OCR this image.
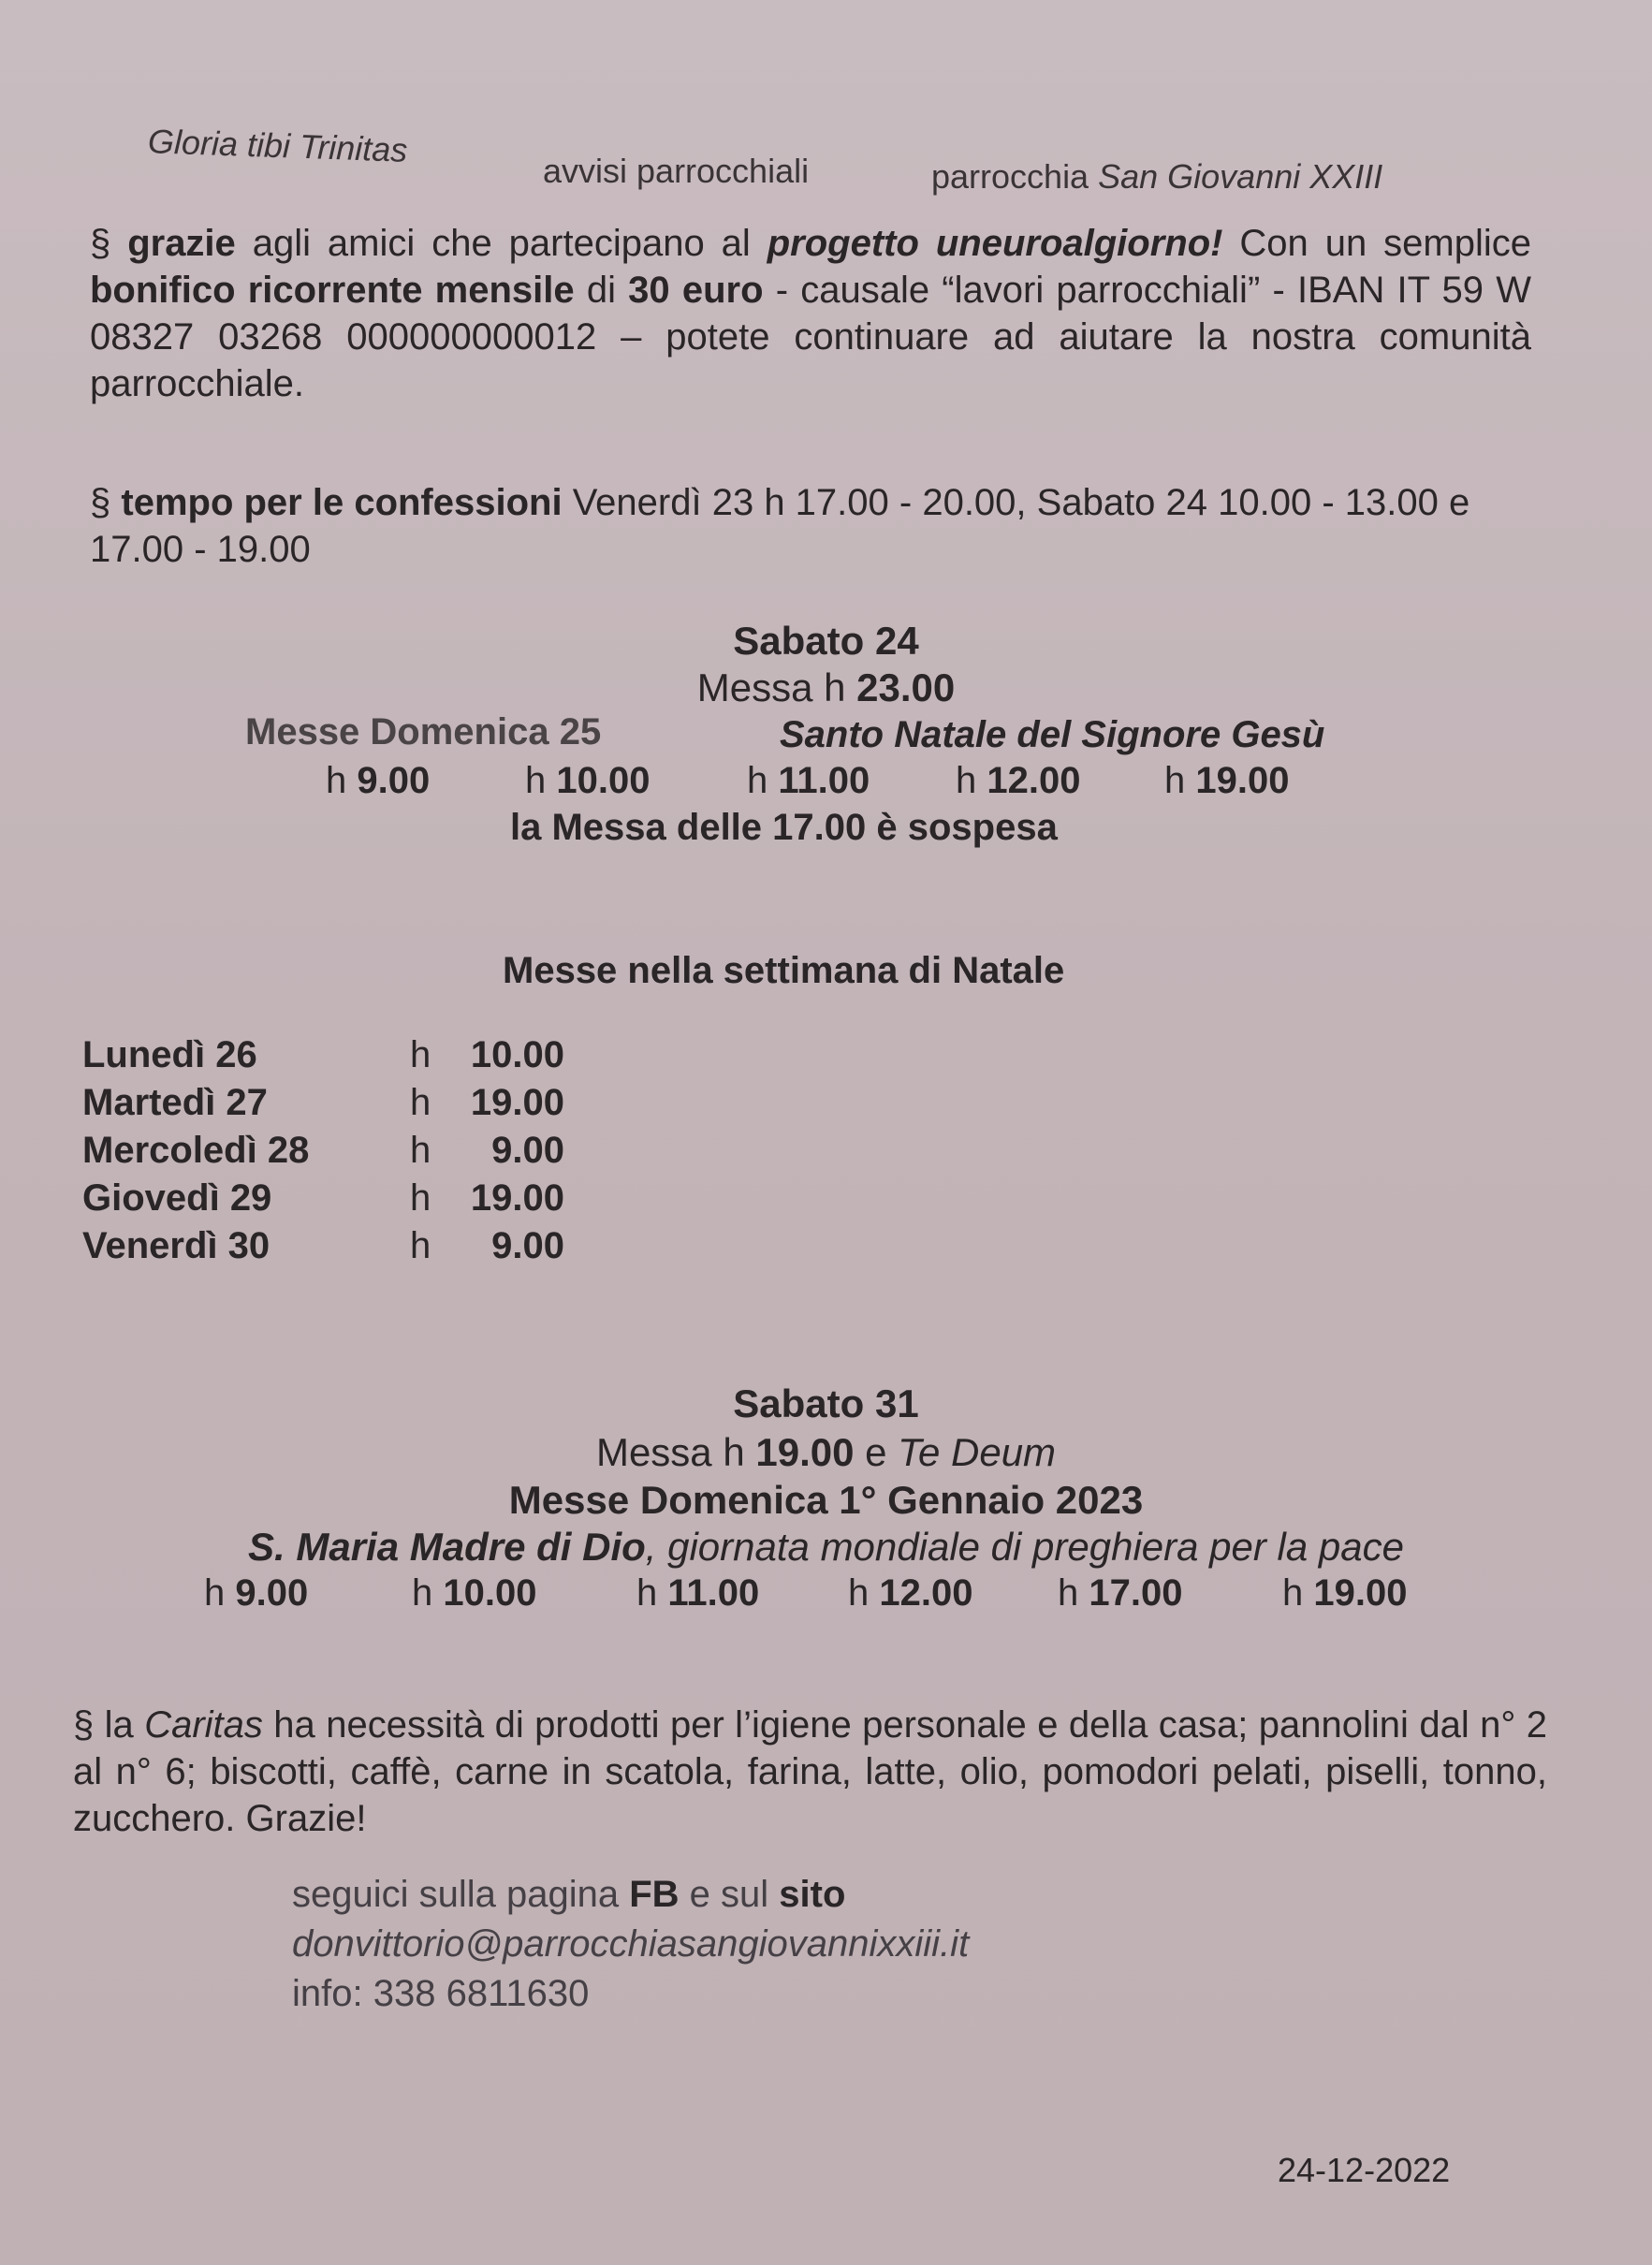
Gloria tibi Trinitas
avvisi parrocchiali	parrocchia San Giovanni XXIII

§ grazie agli amici che partecipano al progetto uneuroalgiorno! Con un semplice bonifico ricorrente mensile di 30 euro - causale “lavori parrocchiali” - IBAN IT 59 W 08327 03268 000000000012 – potete continuare ad aiutare la nostra comunità parrocchiale.

§ tempo per le confessioni Venerdì 23 h 17.00 - 20.00, Sabato 24 10.00 - 13.00 e 17.00 - 19.00

Sabato 24
Messa h 23.00
Messe Domenica 25	Santo Natale del Signore Gesù
h 9.00	h 10.00	h 11.00	h 12.00	h 19.00
la Messa delle 17.00 è sospesa
Messe nella settimana di Natale
Lunedì 26	h	10.00
Martedì 27	h	19.00
Mercoledì 28	h	9.00
Giovedì 29	h	19.00
Venerdì 30	h	9.00
Sabato 31
Messa h 19.00 e Te Deum
Messe Domenica 1° Gennaio 2023
S. Maria Madre di Dio, giornata mondiale di preghiera per la pace
h 9.00	h 10.00	h 11.00	h 12.00	h 17.00	h 19.00

§ la Caritas ha necessità di prodotti per l’igiene personale e della casa; pannolini dal n° 2 al n° 6; biscotti, caffè, carne in scatola, farina, latte, olio, pomodori pelati, piselli, tonno, zucchero. Grazie!

seguici sulla pagina FB e sul sito
donvittorio@parrocchiasangiovannixxiii.it
info: 338 6811630
24-12-2022
